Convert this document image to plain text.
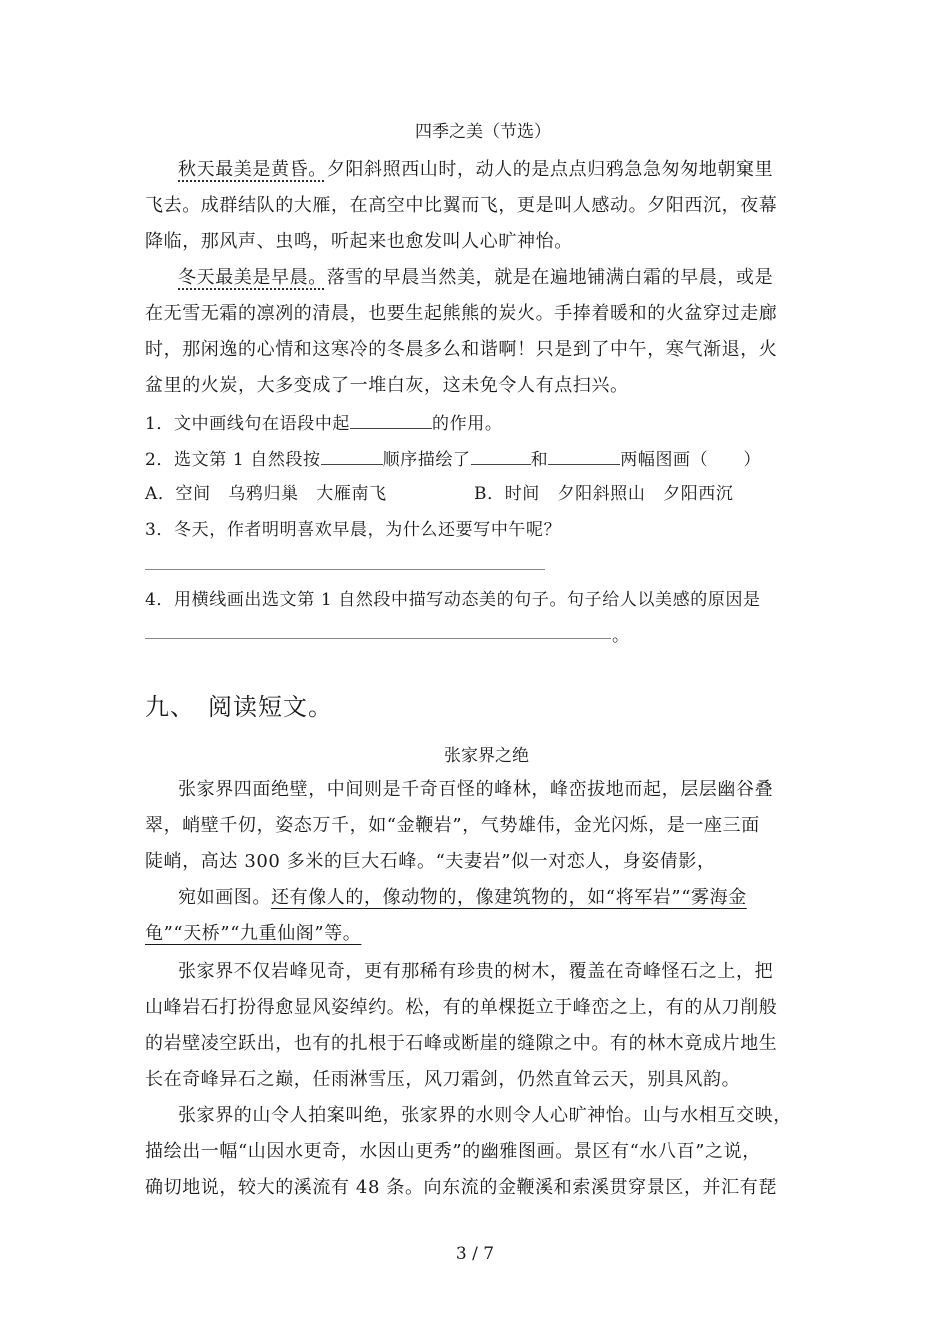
四季之美（节选）
秋天最美是黄昏。夕阳斜照西山时，动人的是点点归鸦急急匆匆地朝窠里
飞去。成群结队的大雁，在高空中比翼而飞，更是叫人感动。夕阳西沉，夜幕
降临，那风声、虫鸣，听起来也愈发叫人心旷神怡。
冬天最美是早晨。落雪的早晨当然美，就是在遍地铺满白霜的早晨，或是
在无雪无霜的凛冽的清晨，也要生起熊熊的炭火。手捧着暖和的火盆穿过走廊
时，那闲逸的心情和这寒冷的冬晨多么和谐啊！只是到了中午，寒气渐退，火
盆里的火炭，大多变成了一堆白灰，这未免令人有点扫兴。
1．文中画线句在语段中起	的作用。
2．选文第 1 自然段按	顺序描绘了	和	两幅图画（　　）
A．空间　乌鸦归巢　大雁南飞	B．时间　夕阳斜照山　夕阳西沉
3．冬天，作者明明喜欢早晨，为什么还要写中午呢？
4．用横线画出选文第 1 自然段中描写动态美的句子。句子给人以美感的原因是
。
九、　阅读短文。
张家界之绝
张家界四面绝壁，中间则是千奇百怪的峰林，峰峦拔地而起，层层幽谷叠
翠，峭壁千仞，姿态万千，如“金鞭岩”，气势雄伟，金光闪烁，是一座三面
陡峭，高达 300 多米的巨大石峰。“夫妻岩”似一对恋人，身姿倩影，
宛如画图。还有像人的，像动物的，像建筑物的，如“将军岩”“雾海金
龟”“天桥”“九重仙阁”等。
张家界不仅岩峰见奇，更有那稀有珍贵的树木，覆盖在奇峰怪石之上，把
山峰岩石打扮得愈显风姿绰约。松，有的单棵挺立于峰峦之上，有的从刀削般
的岩壁凌空跃出，也有的扎根于石峰或断崖的缝隙之中。有的林木竟成片地生
长在奇峰异石之巅，任雨淋雪压，风刀霜剑，仍然直耸云天，别具风韵。
张家界的山令人拍案叫绝，张家界的水则令人心旷神怡。山与水相互交映，
描绘出一幅“山因水更奇，水因山更秀”的幽雅图画。景区有“水八百”之说，
确切地说，较大的溪流有 48 条。向东流的金鞭溪和索溪贯穿景区，并汇有琵
3 / 7
